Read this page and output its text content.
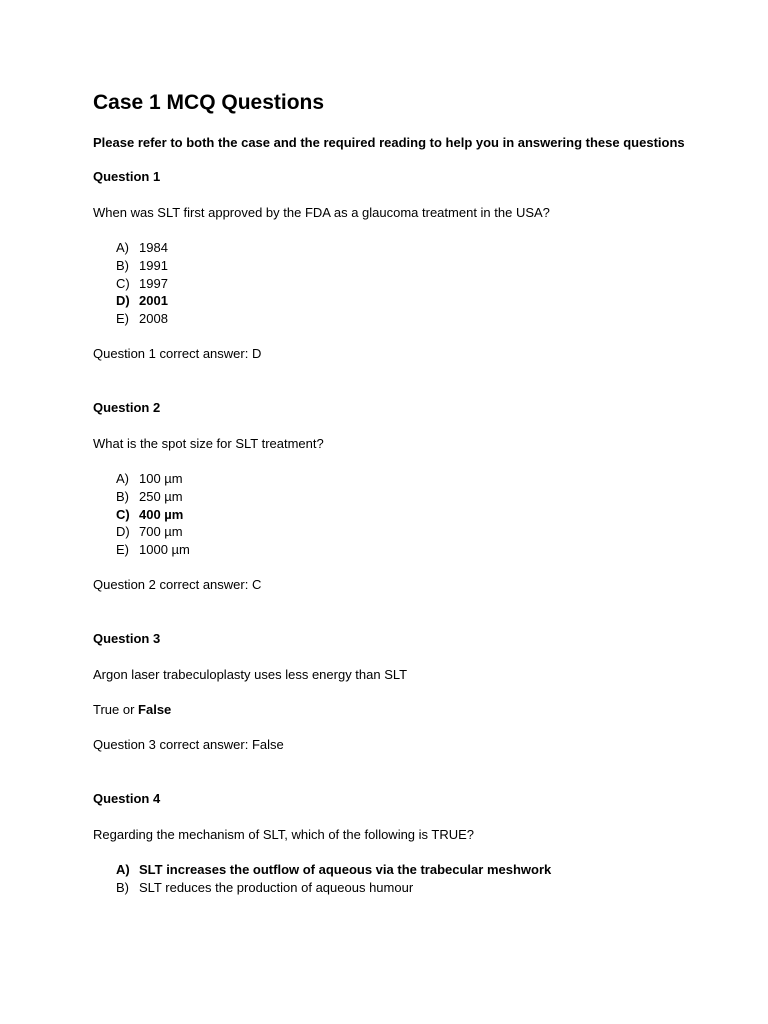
Case 1 MCQ Questions

Please refer to both the case and the required reading to help you in answering these questions

Question 1

When was SLT first approved by the FDA as a glaucoma treatment in the USA?

A) 1984
B) 1991
C) 1997
D) 2001
E) 2008

Question 1 correct answer: D

Question 2

What is the spot size for SLT treatment?

A) 100 µm
B) 250 µm
C) 400 µm
D) 700 µm
E) 1000 µm

Question 2 correct answer: C

Question 3

Argon laser trabeculoplasty uses less energy than SLT

True or False

Question 3 correct answer: False

Question 4

Regarding the mechanism of SLT, which of the following is TRUE?

A) SLT increases the outflow of aqueous via the trabecular meshwork
B) SLT reduces the production of aqueous humour
